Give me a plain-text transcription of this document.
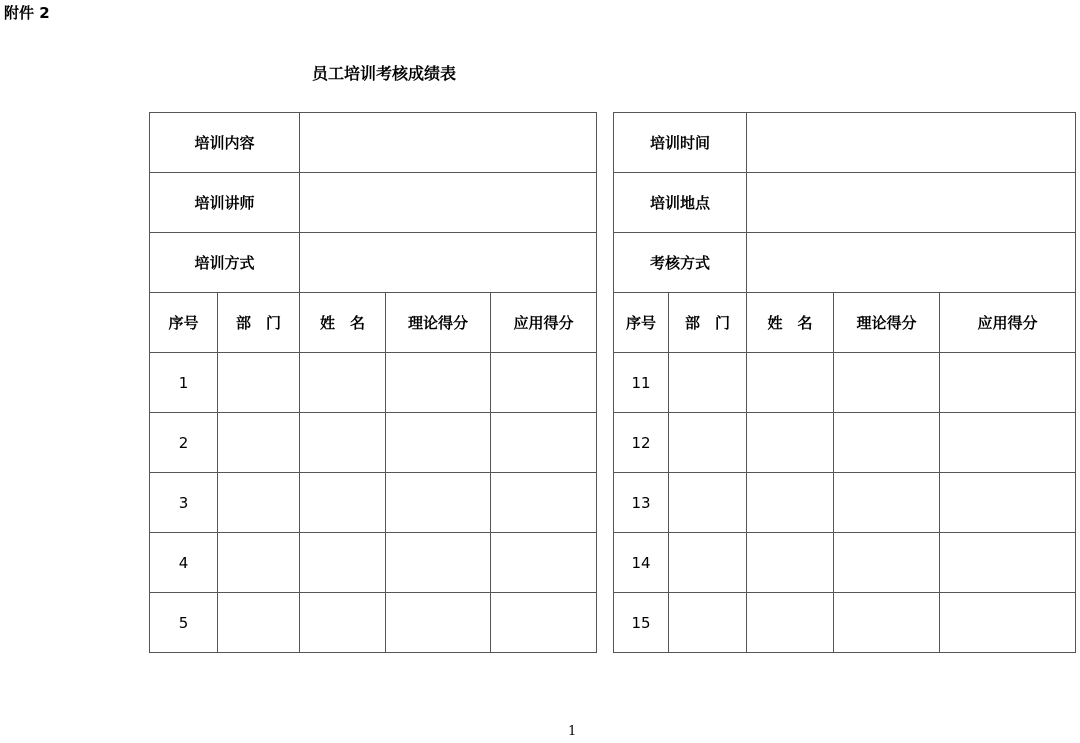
附件 2
员工培训考核成绩表
培训内容				
培训讲师				
培训方式				
序号	部　门	姓　名	理论得分	应用得分
1				
2				
3				
4				
5				
培训时间				
培训地点				
考核方式				
序号	部　门	姓　名	理论得分	应用得分
11				
12				
13				
14				
15				
1
